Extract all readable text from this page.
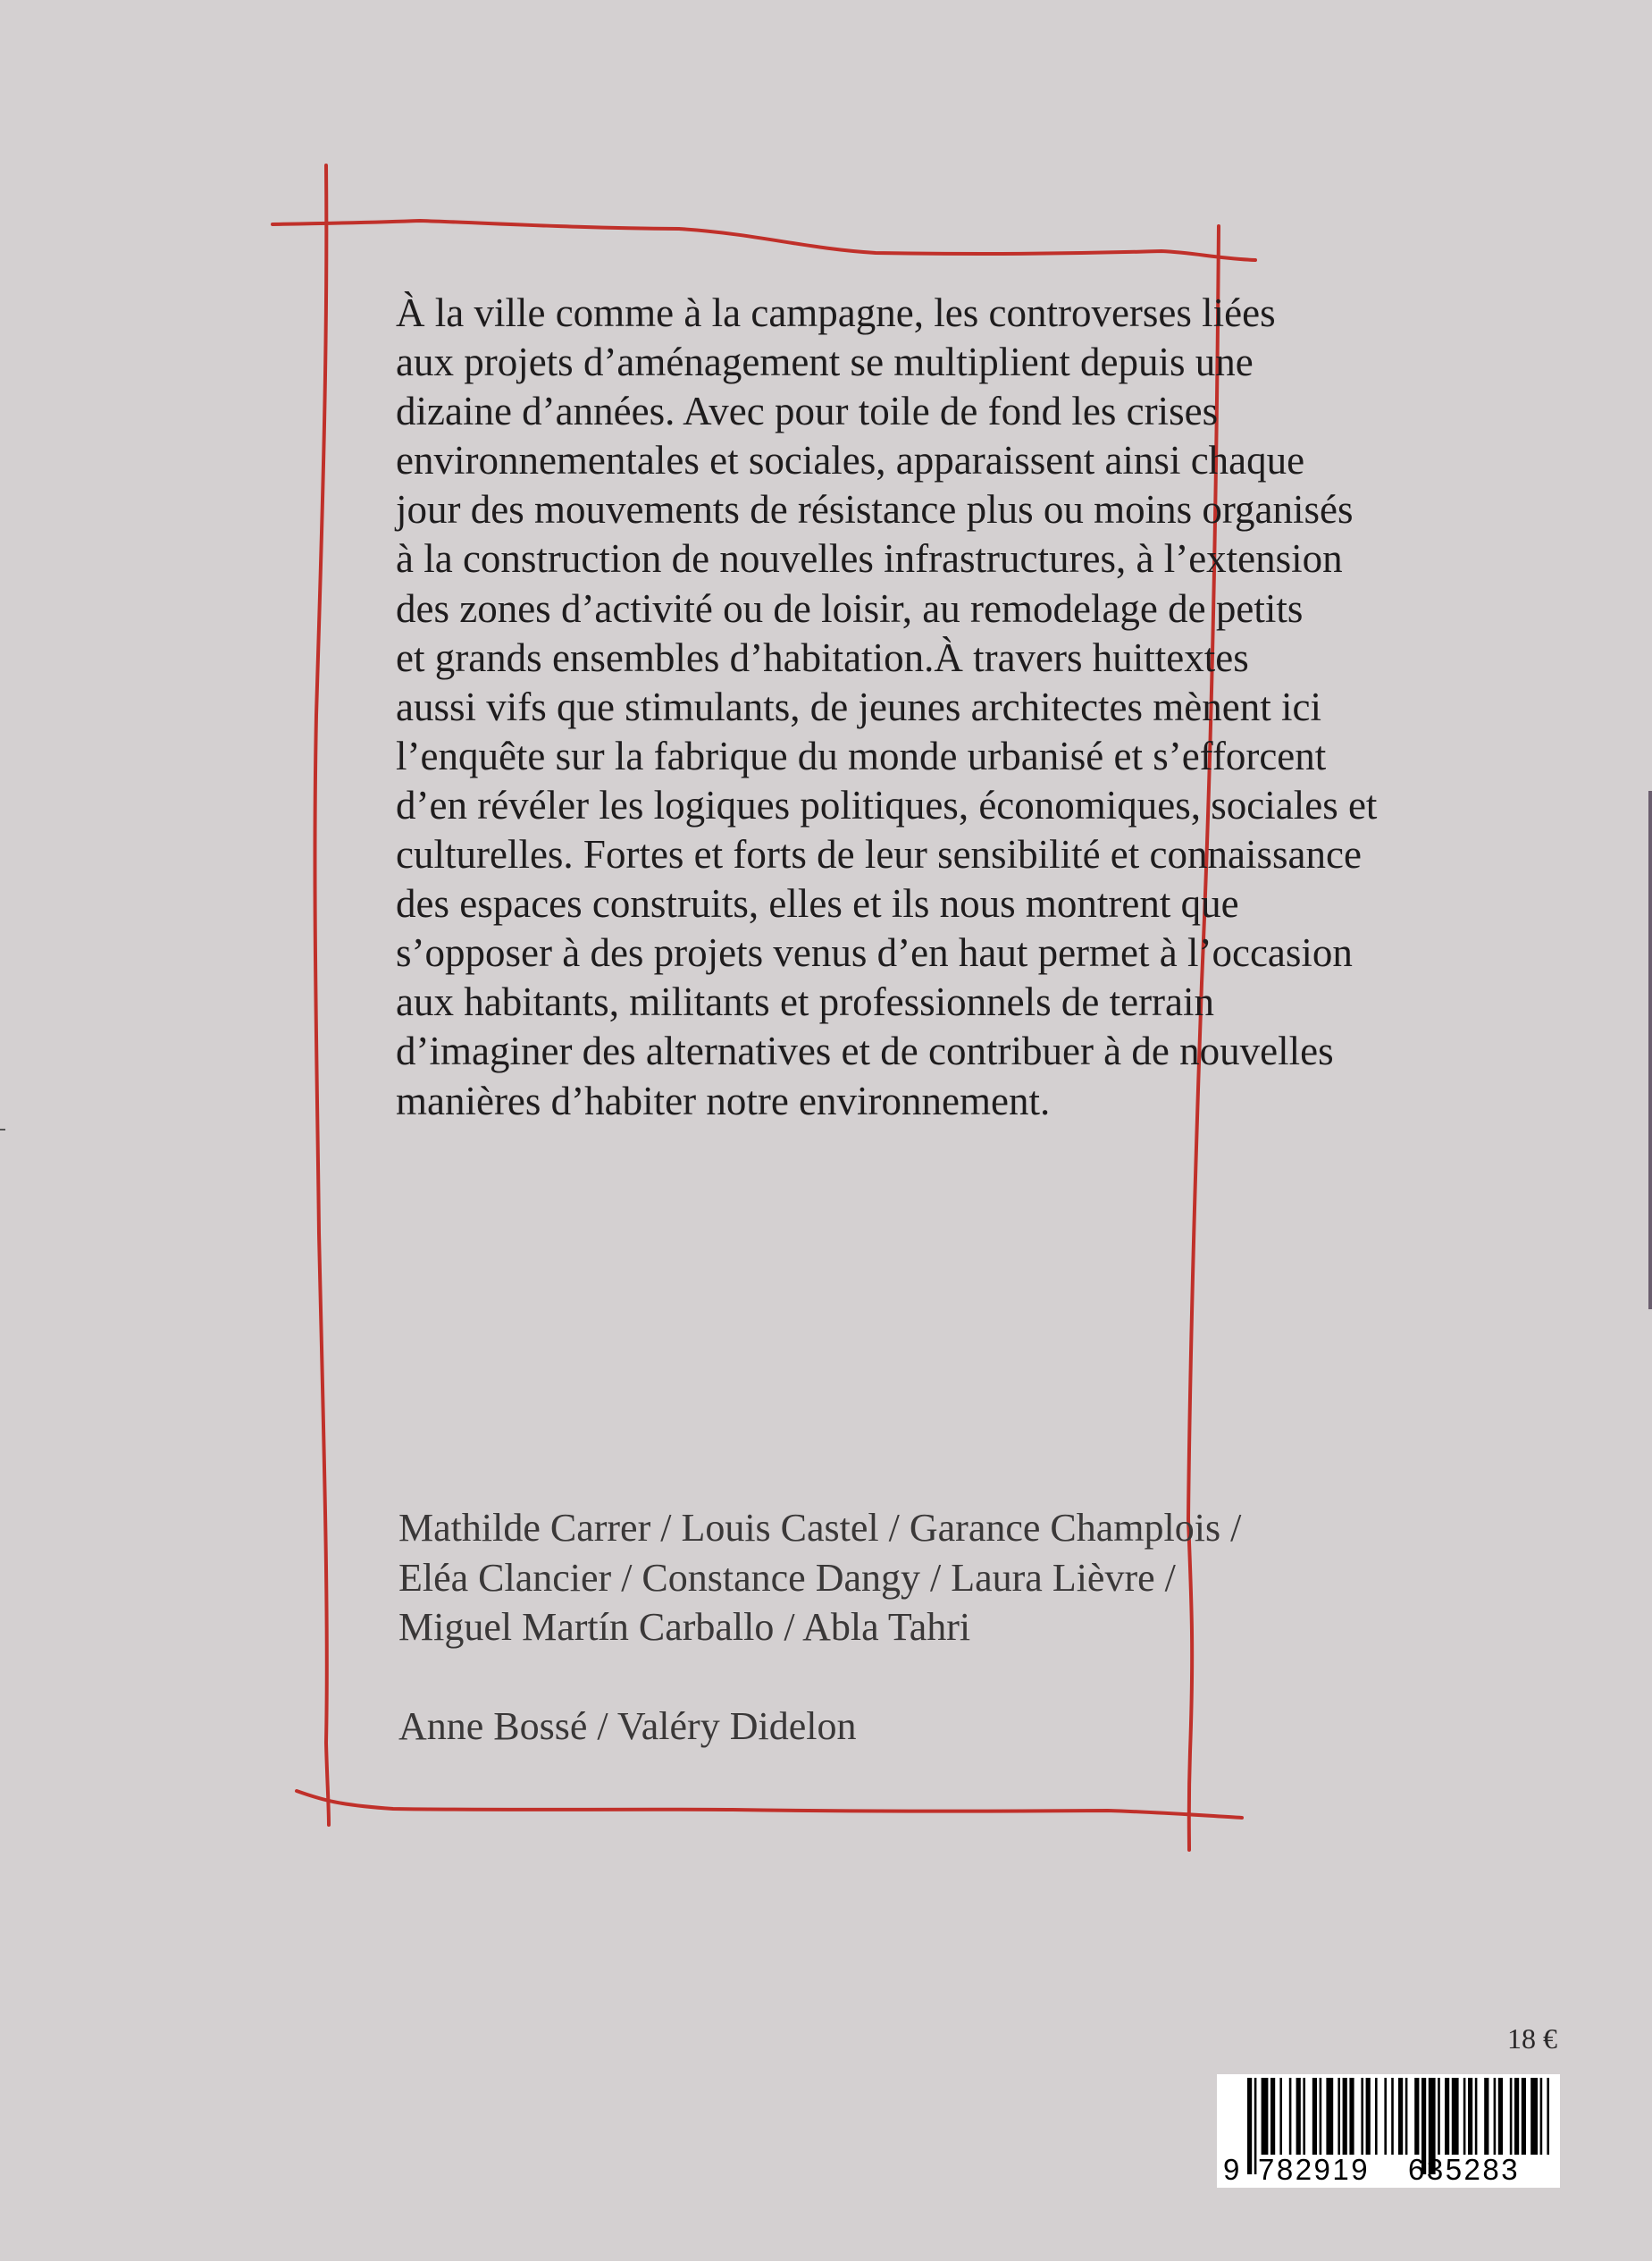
À la ville comme à la campagne, les controverses liées
aux projets d’aménagement se multiplient depuis une
dizaine d’années. Avec pour toile de fond les crises
environnementales et sociales, apparaissent ainsi chaque
jour des mouvements de résistance plus ou moins organisés
à la construction de nouvelles infrastructures, à l’extension
des zones d’activité ou de loisir, au remodelage de petits
et grands ensembles d’habitation.À travers huittextes
aussi vifs que stimulants, de jeunes architectes mènent ici
l’enquête sur la fabrique du monde urbanisé et s’efforcent
d’en révéler les logiques politiques, économiques, sociales et
culturelles. Fortes et forts de leur sensibilité et connaissance
des espaces construits, elles et ils nous montrent que
s’opposer à des projets venus d’en haut permet à l’occasion
aux habitants, militants et professionnels de terrain
d’imaginer des alternatives et de contribuer à de nouvelles
manières d’habiter notre environnement.
Mathilde Carrer / Louis Castel / Garance Champlois /
Eléa Clancier / Constance Dangy / Laura Lièvre /
Miguel Martín Carballo / Abla Tahri
Anne Bossé / Valéry Didelon
18 €
9 782919 635283
